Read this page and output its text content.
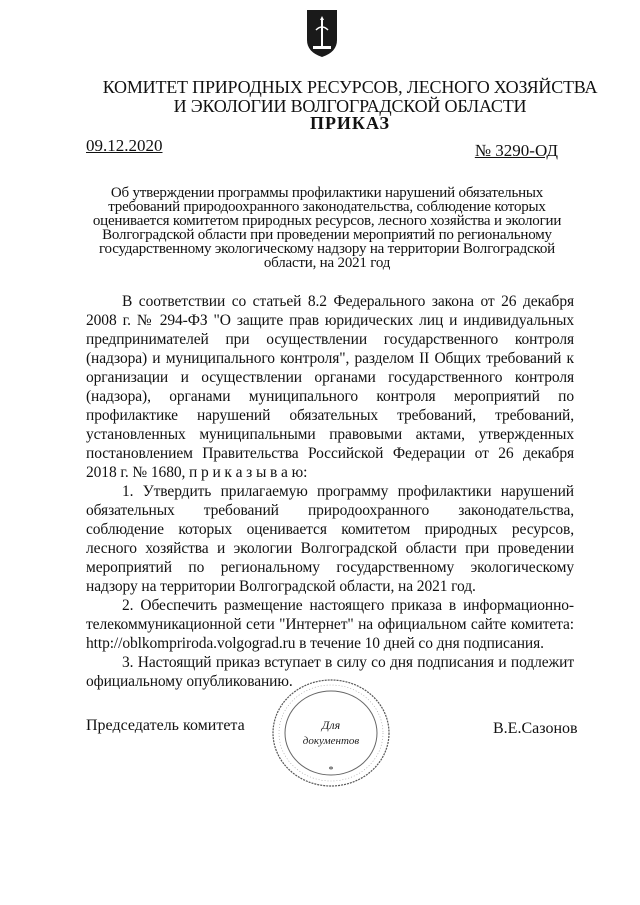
КОМИТЕТ ПРИРОДНЫХ РЕСУРСОВ, ЛЕСНОГО ХОЗЯЙСТВА
И ЭКОЛОГИИ ВОЛГОГРАДСКОЙ ОБЛАСТИ
ПРИКАЗ
09.12.2020	№ 3290-ОД
Об утверждении программы профилактики нарушений обязательных требований природоохранного законодательства, соблюдение которых оценивается комитетом природных ресурсов, лесного хозяйства и экологии Волгоградской области при проведении мероприятий по региональному государственному экологическому надзору на территории Волгоградской области, на 2021 год

В соответствии со статьей 8.2 Федерального закона от 26 декабря 2008 г. № 294-ФЗ "О защите прав юридических лиц и индивидуальных предпринимателей при осуществлении государственного контроля (надзора) и муниципального контроля", разделом II Общих требований к организации и осуществлении органами государственного контроля (надзора), органами муниципального контроля мероприятий по профилактике нарушений обязательных требований, требований, установленных муниципальными правовыми актами, утвержденных постановлением Правительства Российской Федерации от 26 декабря 2018 г. № 1680, п р и к а з ы в а ю:

1. Утвердить прилагаемую программу профилактики нарушений обязательных требований природоохранного законодательства, соблюдение которых оценивается комитетом природных ресурсов, лесного хозяйства и экологии Волгоградской области при проведении мероприятий по региональному государственному экологическому надзору на территории Волгоградской области, на 2021 год.

2. Обеспечить размещение настоящего приказа в информационно-телекоммуникационной сети "Интернет" на официальном сайте комитета: http://oblkompriroda.volgograd.ru в течение 10 дней со дня подписания.

3. Настоящий приказ вступает в силу со дня подписания и подлежит официальному опубликованию.

Для
документов
*
Председатель комитета	В.Е.Сазонов
